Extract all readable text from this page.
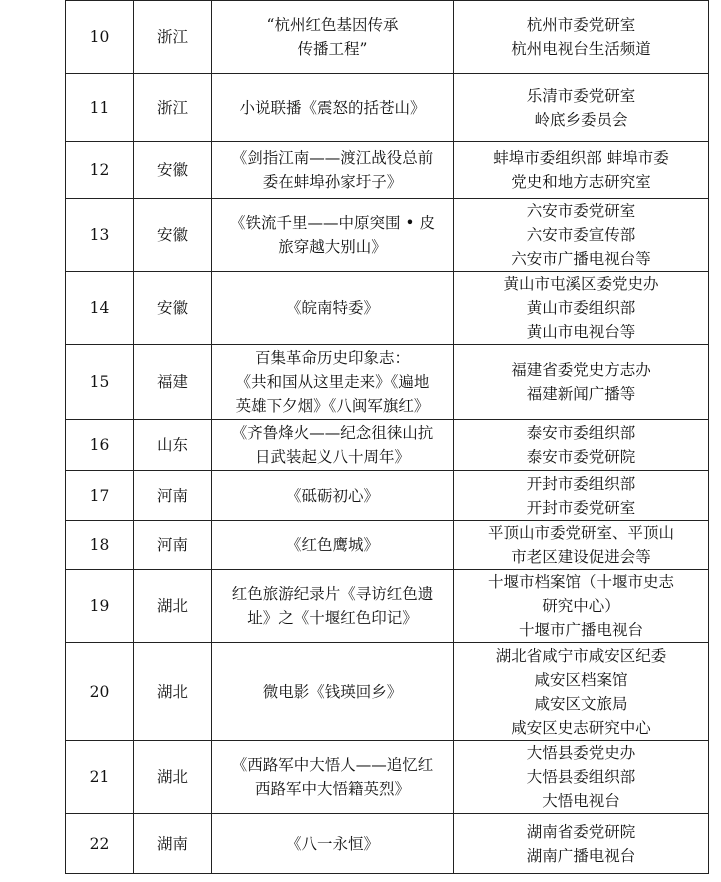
10	浙江	“杭州红色基因传承
传播工程”	杭州市委党研室
杭州电视台生活频道

11	浙江	小说联播《震怒的括苍山》	乐清市委党研室
岭底乡委员会

12	安徽	《剑指江南——渡江战役总前
委在蚌埠孙家圩子》	蚌埠市委组织部 蚌埠市委
党史和地方志研究室

13	安徽	《铁流千里——中原突围 • 皮
旅穿越大别山》	六安市委党研室
六安市委宣传部
六安市广播电视台等

14	安徽	《皖南特委》	黄山市屯溪区委党史办
黄山市委组织部
黄山市电视台等

15	福建	百集革命历史印象志：
《共和国从这里走来》《遍地
英雄下夕烟》《八闽军旗红》	福建省委党史方志办
福建新闻广播等

16	山东	《齐鲁烽火——纪念徂徕山抗
日武装起义八十周年》	泰安市委组织部
泰安市委党研院

17	河南	《砥砺初心》	开封市委组织部
开封市委党研室

18	河南	《红色鹰城》	平顶山市委党研室、平顶山
市老区建设促进会等

19	湖北	红色旅游纪录片《寻访红色遗
址》之《十堰红色印记》	十堰市档案馆（十堰市史志
研究中心）
十堰市广播电视台

20	湖北	微电影《钱瑛回乡》	湖北省咸宁市咸安区纪委
咸安区档案馆
咸安区文旅局
咸安区史志研究中心

21	湖北	《西路军中大悟人——追忆红
西路军中大悟籍英烈》	大悟县委党史办
大悟县委组织部
大悟电视台

22	湖南	《八一永恒》	湖南省委党研院
湖南广播电视台
